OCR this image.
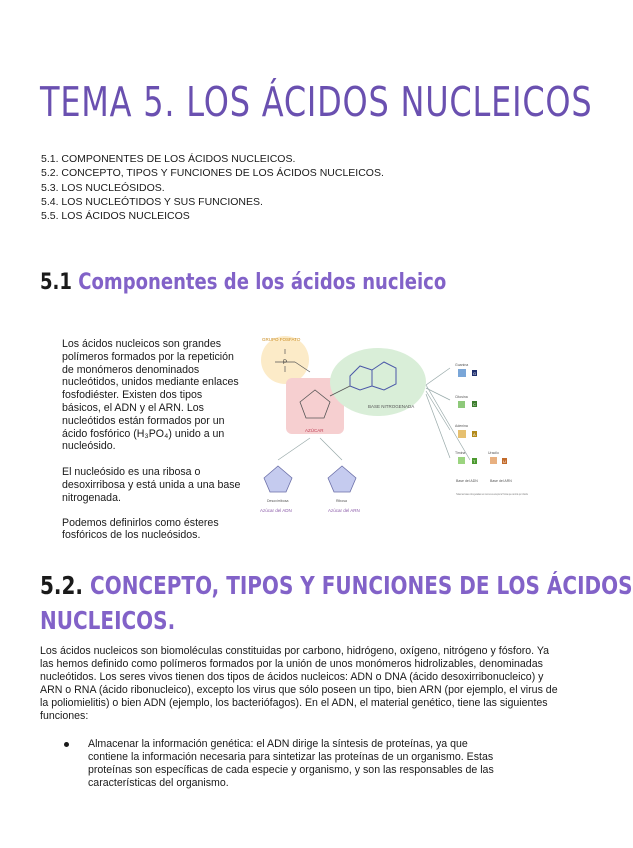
TEMA 5. LOS ÁCIDOS NUCLEICOS
5.1. COMPONENTES DE LOS ÁCIDOS NUCLEICOS.
5.2. CONCEPTO, TIPOS Y FUNCIONES DE LOS ÁCIDOS NUCLEICOS.
5.3. LOS NUCLEÓSIDOS.
5.4. LOS NUCLEÓTIDOS Y SUS FUNCIONES.
5.5. LOS ÁCIDOS NUCLEICOS
5.1 Componentes de los ácidos nucleico

Los ácidos nucleicos son grandes polímeros formados por la repetición de monómeros denominados nucleótidos, unidos mediante enlaces fosfodiéster. Existen dos tipos básicos, el ADN y el ARN. Los nucleótidos están formados por un ácido fosfórico (H₃PO₄) unido a un nucleósido.

El nucleósido es una ribosa o desoxirribosa y está unida a una base nitrogenada.

Podemos definirlos como ésteres fosfóricos de los nucleósidos.

GRUPO FOSFATO
P
AZÚCAR
BASE NITROGENADA
Guanina
G
Citosina
C
Adenina
A
Timina
T
Uracilo
U
Base del ADN	Base del ARN
Todas las bases nitrogenadas son comunes excepto la Timina que cambia por Uracilo
Desoxirribosa	Ribosa
Azúcar del ADN	Azúcar del ARN
5.2. CONCEPTO, TIPOS Y FUNCIONES DE LOS ÁCIDOS
NUCLEICOS.
Los ácidos nucleicos son biomoléculas constituidas por carbono, hidrógeno, oxígeno, nitrógeno y fósforo. Ya las hemos definido como polímeros formados por la unión de unos monómeros hidrolizables, denominadas nucleótidos. Los seres vivos tienen dos tipos de ácidos nucleicos: ADN o DNA (ácido desoxirribonucleico) y ARN o RNA (ácido ribonucleico), excepto los virus que sólo poseen un tipo, bien ARN (por ejemplo, el virus de la poliomielitis) o bien ADN (ejemplo, los bacteriófagos). En el ADN, el material genético, tiene las siguientes funciones:
Almacenar la información genética: el ADN dirige la síntesis de proteínas, ya que contiene la información necesaria para sintetizar las proteínas de un organismo. Estas proteínas son específicas de cada especie y organismo, y son las responsables de las características del organismo.
